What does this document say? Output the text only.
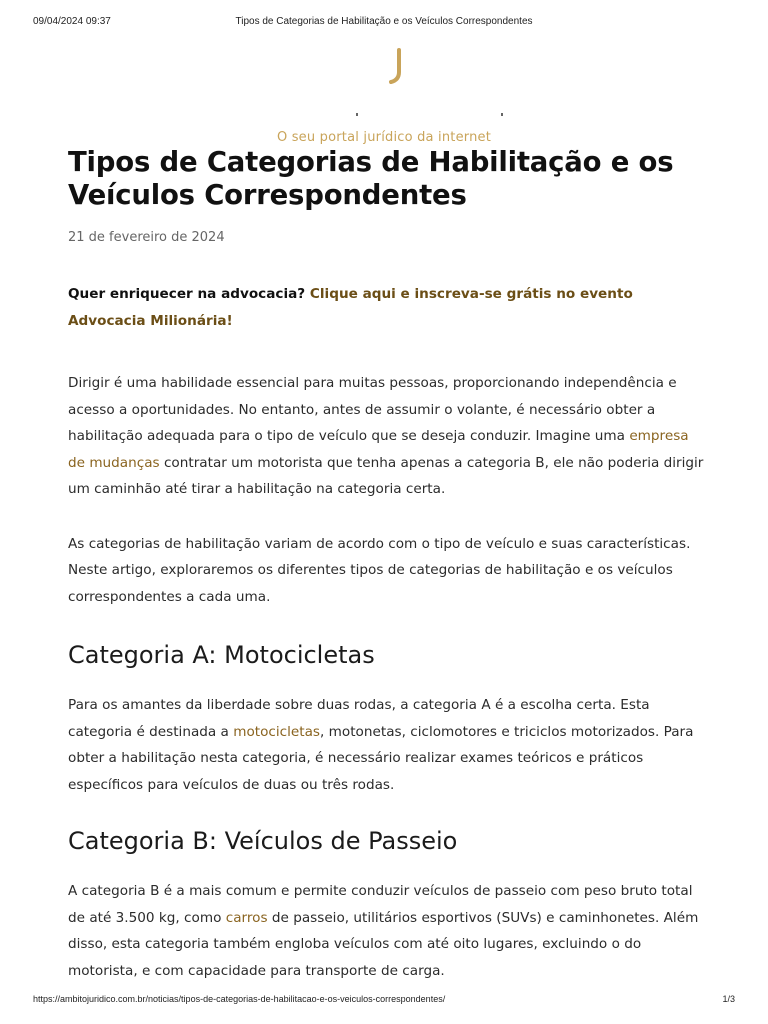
09/04/2024 09:37	Tipos de Categorias de Habilitação e os Veículos Correspondentes
O seu portal jurídico da internet
Tipos de Categorias de Habilitação e os Veículos Correspondentes
21 de fevereiro de 2024

Quer enriquecer na advocacia? Clique aqui e inscreva-se grátis no evento Advocacia Milionária!

Dirigir é uma habilidade essencial para muitas pessoas, proporcionando independência e acesso a oportunidades. No entanto, antes de assumir o volante, é necessário obter a habilitação adequada para o tipo de veículo que se deseja conduzir. Imagine uma empresa de mudanças contratar um motorista que tenha apenas a categoria B, ele não poderia dirigir um caminhão até tirar a habilitação na categoria certa.

As categorias de habilitação variam de acordo com o tipo de veículo e suas características. Neste artigo, exploraremos os diferentes tipos de categorias de habilitação e os veículos correspondentes a cada uma.

Categoria A: Motocicletas

Para os amantes da liberdade sobre duas rodas, a categoria A é a escolha certa. Esta categoria é destinada a motocicletas, motonetas, ciclomotores e triciclos motorizados. Para obter a habilitação nesta categoria, é necessário realizar exames teóricos e práticos específicos para veículos de duas ou três rodas.

Categoria B: Veículos de Passeio

A categoria B é a mais comum e permite conduzir veículos de passeio com peso bruto total de até 3.500 kg, como carros de passeio, utilitários esportivos (SUVs) e caminhonetes. Além disso, esta categoria também engloba veículos com até oito lugares, excluindo o do motorista, e com capacidade para transporte de carga.

https://ambitojuridico.com.br/noticias/tipos-de-categorias-de-habilitacao-e-os-veiculos-correspondentes/	1/3
